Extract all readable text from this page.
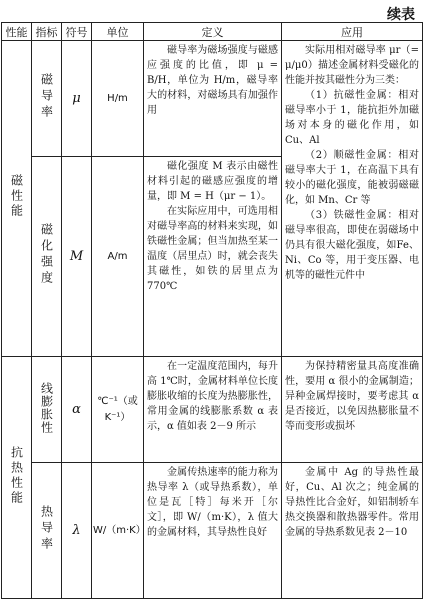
续表
性能	指标	符号	单位	定义	应用
磁性能	磁导率	μ	H/m	磁导率为磁场强度与磁感应强度的比值，即 μ = B/H，单位为 H/m，磁导率大的材料，对磁场具有加强作用	实际用相对磁导率 μr（= μ/μ0）描述金属材料受磁化的性能并按其磁性分为三类：

（1）抗磁性金属：相对磁导率小于 1，能抗拒外加磁场对本身的磁化作用，如Cu、Al

（2）顺磁性金属：相对磁导率大于 1，在高温下具有较小的磁化强度，能被弱磁磁化，如 Mn、Cr 等

（3）铁磁性金属：相对磁导率很高，即使在弱磁场中仍具有很大磁化强度，如Fe、Ni、Co 等，用于变压器、电机等的磁性元件中

	磁化强度	M	A/m	磁化强度 M 表示由磁性材料引起的磁感应强度的增量，即 M = H（μr − 1）。

在实际应用中，可选用相对磁导率高的材料来实现，如铁磁性金属；但当加热至某一温度（居里点）时，就会丧失其磁性，如铁的居里点为 770℃	

抗热性能	线膨胀性	α	℃⁻¹（或 K⁻¹）	在一定温度范围内，每升高 1℃时，金属材料单位长度膨胀收缩的长度为热膨胀性，常用金属的线膨胀系数 α 表示，α 值如表 2－9 所示	为保持精密量具高度准确性，要用 α 很小的金属制造；异种金属焊接时，要考虑其 α 是否接近，以免因热膨胀量不等而变形或损坏

	热导率	λ	W/（m·K）	金属传热速率的能力称为热导率 λ（或导热系数），单位是瓦［特］每米开［尔文］，即 W/（m·K），λ 值大的金属材料，其导热性良好	金属中 Ag 的导热性最好，Cu、Al 次之；纯金属的导热性比合金好，如铝制轿车热交换器和散热器零件。常用金属的导热系数见表 2－10
